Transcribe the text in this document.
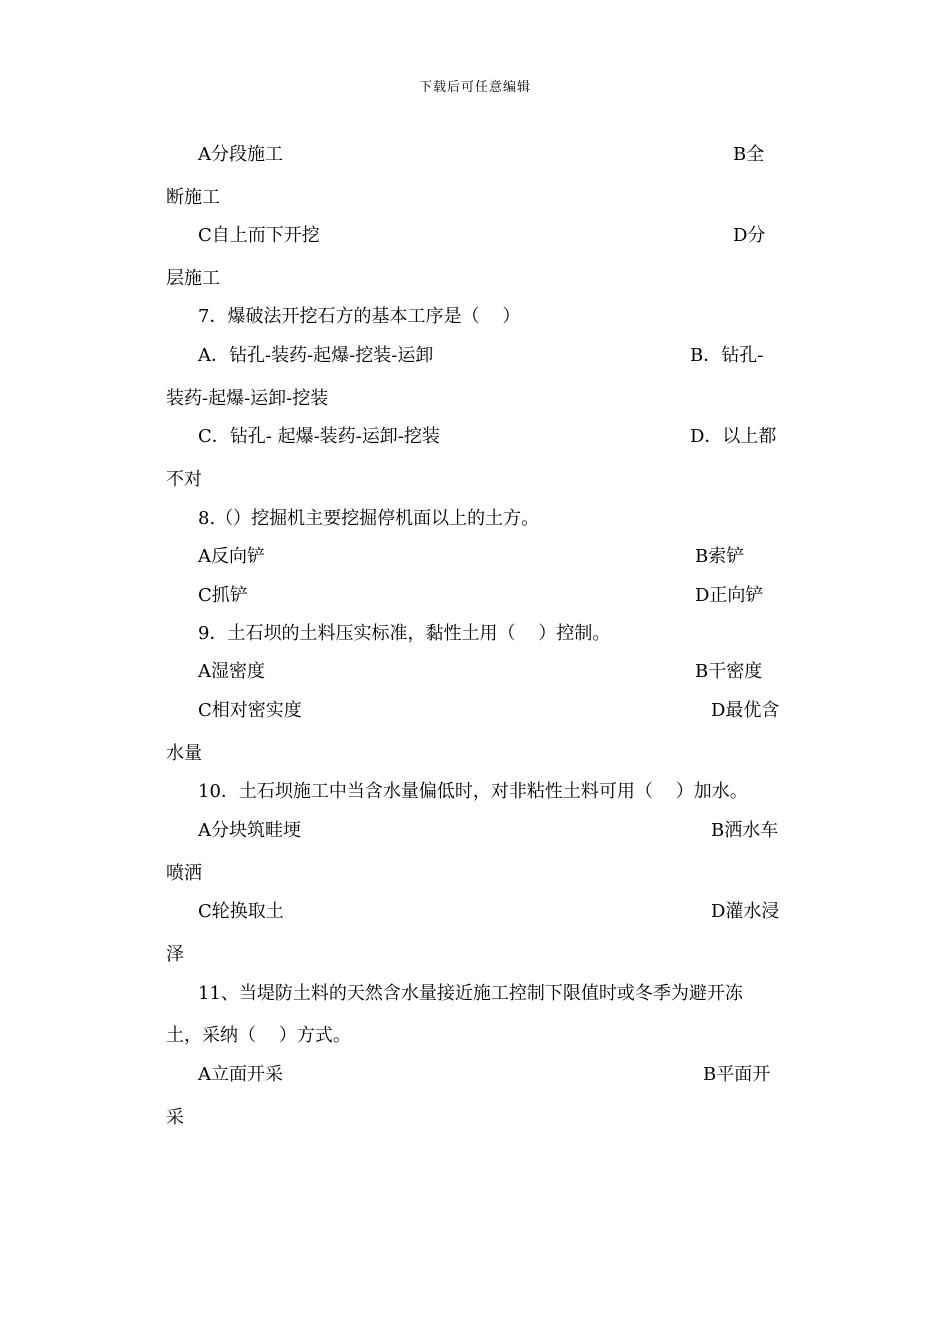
下载后可任意编辑
A分段施工	B全
断施工
C自上而下开挖	D分
层施工
7．爆破法开挖石方的基本工序是（    ）
A．钻孔-装药-起爆-挖装-运卸	B．钻孔-
装药-起爆-运卸-挖装
C．钻孔- 起爆-装药-运卸-挖装	D．以上都
不对
8.（）挖掘机主要挖掘停机面以上的土方。
A反向铲	B索铲
C抓铲	D正向铲
9．土石坝的土料压实标准，黏性土用（    ）控制。
A湿密度	B干密度
C相对密实度	D最优含
水量
10．土石坝施工中当含水量偏低时，对非粘性土料可用（    ）加水。
A分块筑畦埂	B洒水车
喷洒
C轮换取土	D灌水浸
泽
11、当堤防土料的天然含水量接近施工控制下限值时或冬季为避开冻
土，采纳（    ）方式。
A立面开采	B平面开
采
